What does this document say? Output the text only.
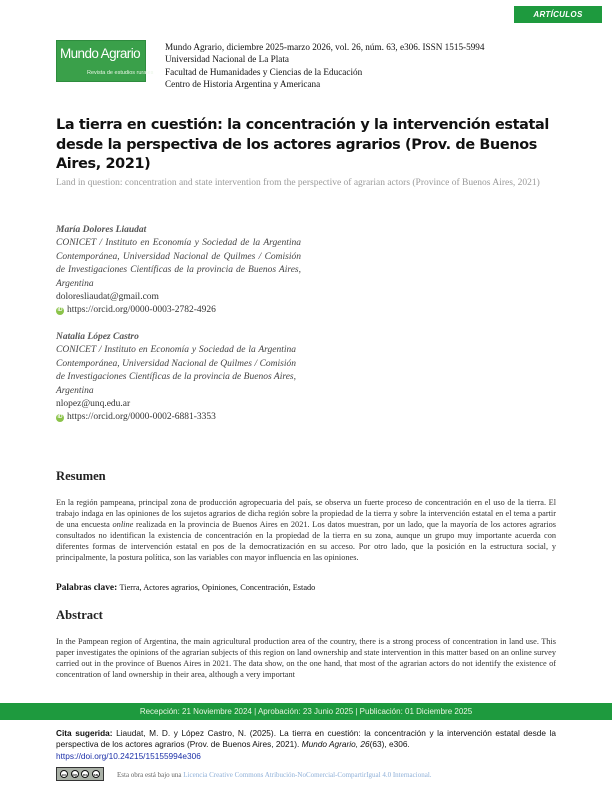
ARTÍCULOS
Mundo Agrario
Revista de estudios rurales
Mundo Agrario, diciembre 2025-marzo 2026, vol. 26, núm. 63, e306. ISSN 1515-5994
Universidad Nacional de La Plata
Facultad de Humanidades y Ciencias de la Educación
Centro de Historia Argentina y Americana
La tierra en cuestión: la concentración y la intervención estatal desde la perspectiva de los actores agrarios (Prov. de Buenos Aires, 2021)

Land in question: concentration and state intervention from the perspective of agrarian actors (Province of Buenos Aires, 2021)

María Dolores Liaudat
CONICET / Instituto en Economía y Sociedad de la Argentina Contemporánea, Universidad Nacional de Quilmes / Comisión de Investigaciones Científicas de la provincia de Buenos Aires, Argentina
doloresliaudat@gmail.com
iD https://orcid.org/0000-0003-2782-4926
Natalia López Castro
CONICET / Instituto en Economía y Sociedad de la Argentina Contemporánea, Universidad Nacional de Quilmes / Comisión de Investigaciones Científicas de la provincia de Buenos Aires, Argentina
nlopez@unq.edu.ar
iD https://orcid.org/0000-0002-6881-3353
Resumen

En la región pampeana, principal zona de producción agropecuaria del país, se observa un fuerte proceso de concentración en el uso de la tierra. El trabajo indaga en las opiniones de los sujetos agrarios de dicha región sobre la propiedad de la tierra y sobre la intervención estatal en el tema a partir de una encuesta online realizada en la provincia de Buenos Aires en 2021. Los datos muestran, por un lado, que la mayoría de los actores agrarios consultados no identifican la existencia de concentración en la propiedad de la tierra en su zona, aunque un grupo muy importante acuerda con diferentes formas de intervención estatal en pos de la democratización en su acceso. Por otro lado, que la posición en la estructura social, y principalmente, la postura política, son las variables con mayor influencia en las opiniones.

Palabras clave: Tierra, Actores agrarios, Opiniones, Concentración, Estado
Abstract

In the Pampean region of Argentina, the main agricultural production area of the country, there is a strong process of concentration in land use. This paper investigates the opinions of the agrarian subjects of this region on land ownership and state intervention in this matter based on an online survey carried out in the province of Buenos Aires in 2021. The data show, on the one hand, that most of the agrarian actors do not identify the existence of concentration of land ownership in their area, although a very important

Recepción: 21 Noviembre 2024 | Aprobación: 23 Junio 2025 | Publicación: 01 Diciembre 2025

Cita sugerida: Liaudat, M. D. y López Castro, N. (2025). La tierra en cuestión: la concentración y la intervención estatal desde la perspectiva de los actores agrarios (Prov. de Buenos Aires, 2021). Mundo Agrario, 26(63), e306.
https://doi.org/10.24215/15155994e306

cc	by	nc	sa	Esta obra está bajo una Licencia Creative Commons Atribución-NoComercial-CompartirIgual 4.0 Internacional.
